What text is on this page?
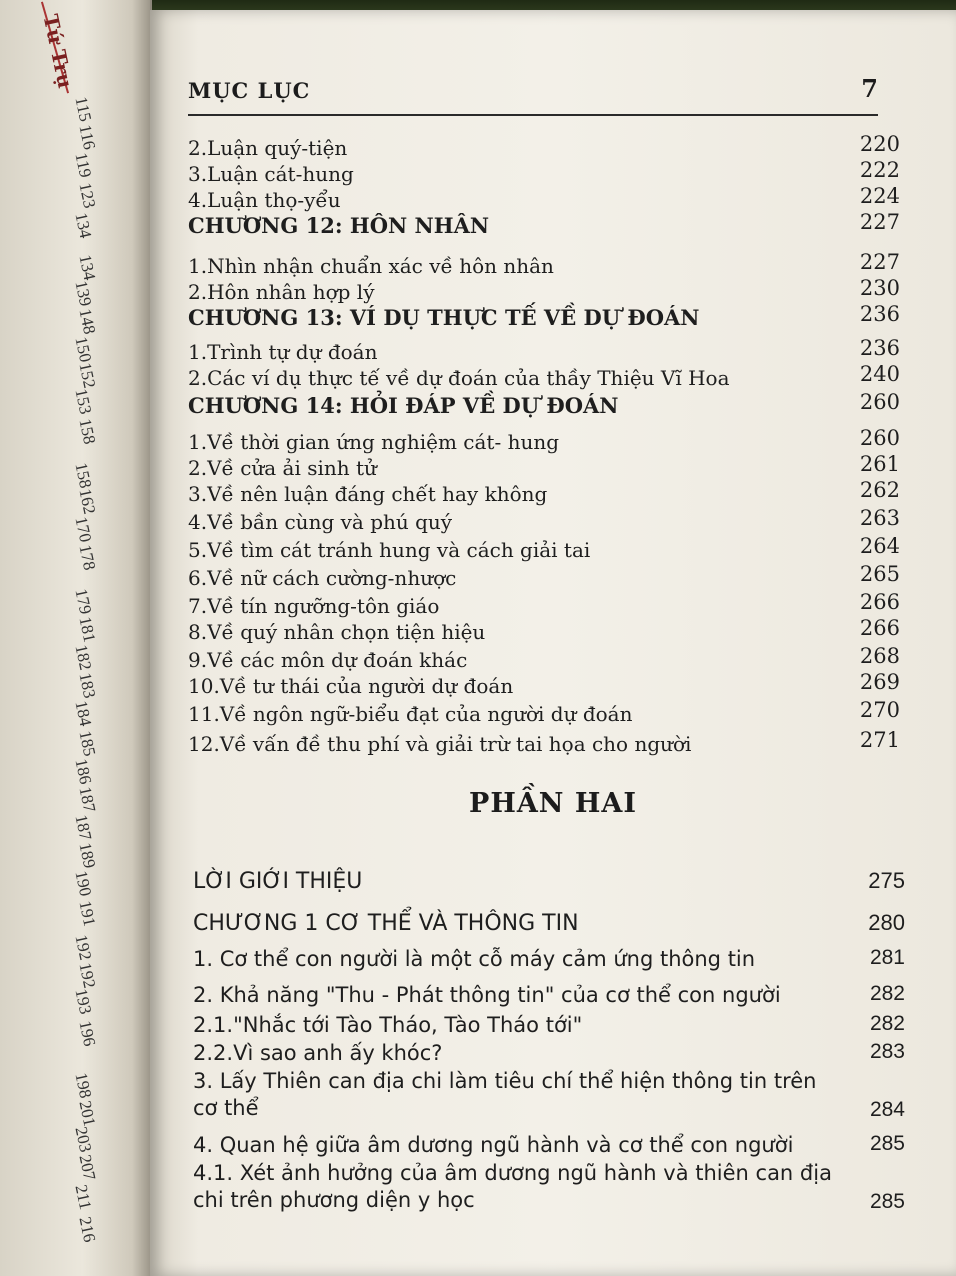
Tứ Trụ
115
116
119
123
134
134
139
148
150
152
153
158
158
162
170
178
179
181
182
183
184
185
186
187
187
189
190
191
192
192
193
196
198
201
203
207
211
216
MỤC LỤC	7
2.Luận quý-tiện	220
3.Luận cát-hung	222
4.Luận thọ-yểu	224
CHƯƠNG 12: HÔN NHÂN	227
1.Nhìn nhận chuẩn xác về hôn nhân	227
2.Hôn nhân hợp lý	230
CHƯƠNG 13: VÍ DỤ THỰC TẾ VỀ DỰ ĐOÁN	236
1.Trình tự dự đoán	236
2.Các ví dụ thực tế về dự đoán của thầy Thiệu Vĩ Hoa	240
CHƯƠNG 14: HỎI ĐÁP VỀ DỰ ĐOÁN	260
1.Về thời gian ứng nghiệm cát- hung	260
2.Về cửa ải sinh tử	261
3.Về nên luận đáng chết hay không	262
4.Về bần cùng và phú quý	263
5.Về tìm cát tránh hung và cách giải tai	264
6.Về nữ cách cường-nhược	265
7.Về tín ngưỡng-tôn giáo	266
8.Về quý nhân chọn tiện hiệu	266
9.Về các môn dự đoán khác	268
10.Về tư thái của người dự đoán	269
11.Về ngôn ngữ-biểu đạt của người dự đoán	270
12.Về vấn đề thu phí và giải trừ tai họa cho người	271
PHẦN HAI
LỜI GIỚI THIỆU	275
CHƯƠNG 1 CƠ THỂ VÀ THÔNG TIN	280
1. Cơ thể con người là một cỗ máy cảm ứng thông tin	281
2. Khả năng "Thu - Phát thông tin" của cơ thể con người	282
2.1."Nhắc tới Tào Tháo, Tào Tháo tới"	282
2.2.Vì sao anh ấy khóc?	283
3. Lấy Thiên can địa chi làm tiêu chí thể hiện thông tin trên cơ thể	284
4. Quan hệ giữa âm dương ngũ hành và cơ thể con người	285
4.1. Xét ảnh hưởng của âm dương ngũ hành và thiên can địa chi trên phương diện y học	285
